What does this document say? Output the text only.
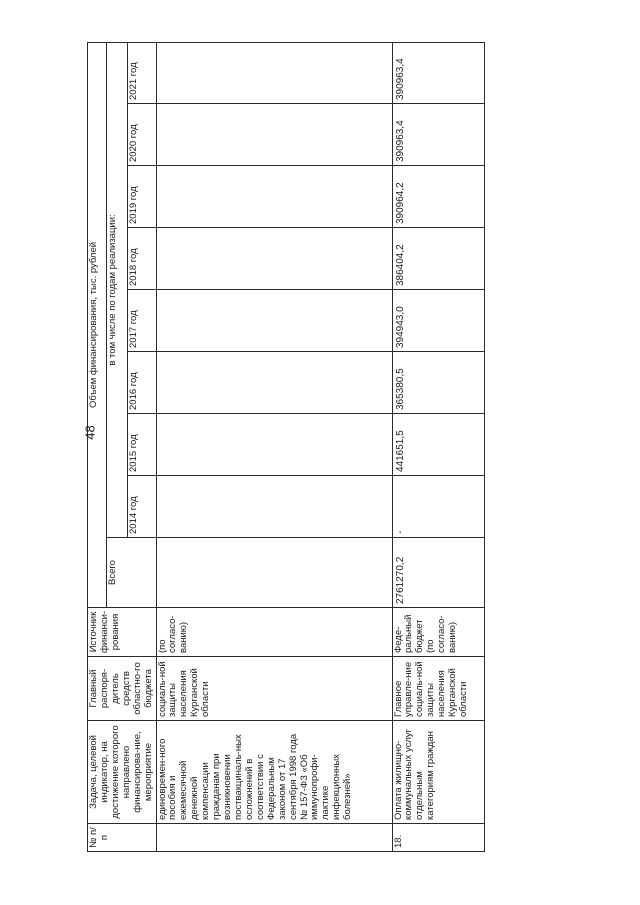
48
№ п/п	Задача, целевой индикатор, на достижение которого направлено финансирова-ние, мероприятие	Главный распоря-дитель средств областно-го бюджета	Источник финанси-рования	Объем финансирования, тыс. рублей								
				Всего	в том числе по годам реализации:							
					2014 год	2015 год	2016 год	2017 год	2018 год	2019 год	2020 год	2021 год
	единовремен-ного пособия и ежемесячной денежной компенсации гражданам при возникновении поствакциналь-ных осложнений в соответствии с Федеральным законом от 17 сентября 1998 года № 157-ФЗ «Об иммунопрофи-лактике инфекционных болезней»	социаль-ной защиты населения Курганской области	(по согласо-ванию)									
18.	Оплата жилищно-коммунальных услуг отдельным категориям граждан	Главное управле-ние социаль-ной защиты населения Курганской области	Феде-ральный бюджет (по согласо-ванию)	2761270,2	-	441651,5	365380,5	394943,0	386404,2	390964,2	390963,4	390963,4
